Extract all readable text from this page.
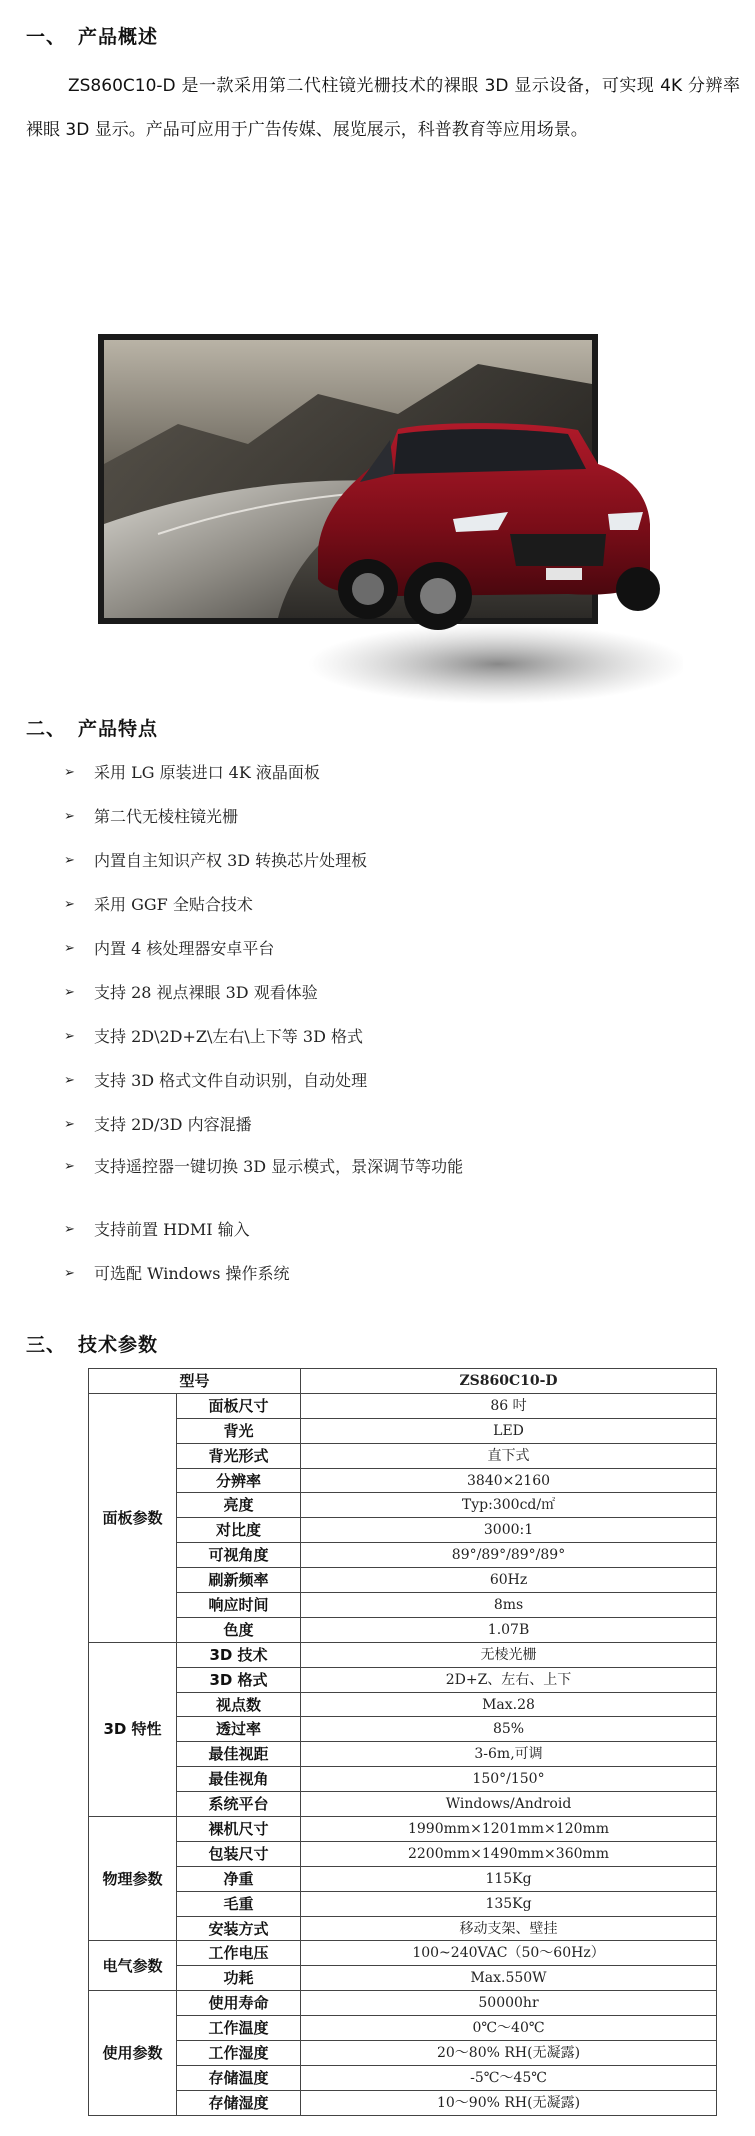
一、 产品概述
ZS860C10-D 是一款采用第二代柱镜光栅技术的裸眼 3D 显示设备，可实现 4K 分辨率裸眼 3D 显示。产品可应用于广告传媒、展览展示，科普教育等应用场景。
二、 产品特点
➢ 采用 LG 原装进口 4K 液晶面板
➢ 第二代无棱柱镜光栅
➢ 内置自主知识产权 3D 转换芯片处理板
➢ 采用 GGF 全贴合技术
➢ 内置 4 核处理器安卓平台
➢ 支持 28 视点裸眼 3D 观看体验
➢ 支持 2D\2D+Z\左右\上下等 3D 格式
➢ 支持 3D 格式文件自动识别，自动处理
➢ 支持 2D/3D 内容混播
➢ 支持遥控器一键切换 3D 显示模式，景深调节等功能
➢ 支持前置 HDMI 输入
➢ 可选配 Windows 操作系统
三、 技术参数
型号		ZS860C10-D
面板参数	面板尺寸	86 吋
	背光	LED
	背光形式	直下式
	分辨率	3840×2160
	亮度	Typ:300cd/㎡
	对比度	3000:1
	可视角度	89°/89°/89°/89°
	刷新频率	60Hz
	响应时间	8ms
	色度	1.07B
3D 特性	3D 技术	无棱光栅
	3D 格式	2D+Z、左右、上下
	视点数	Max.28
	透过率	85%
	最佳视距	3-6m,可调
	最佳视角	150°/150°
	系统平台	Windows/Android
物理参数	裸机尺寸	1990mm×1201mm×120mm
	包装尺寸	2200mm×1490mm×360mm
	净重	115Kg
	毛重	135Kg
	安装方式	移动支架、壁挂
电气参数	工作电压	100~240VAC（50～60Hz）
	功耗	Max.550W
使用参数	使用寿命	50000hr
	工作温度	0℃～40℃
	工作湿度	20～80% RH(无凝露)
	存储温度	-5℃～45℃
	存储湿度	10～90% RH(无凝露)
